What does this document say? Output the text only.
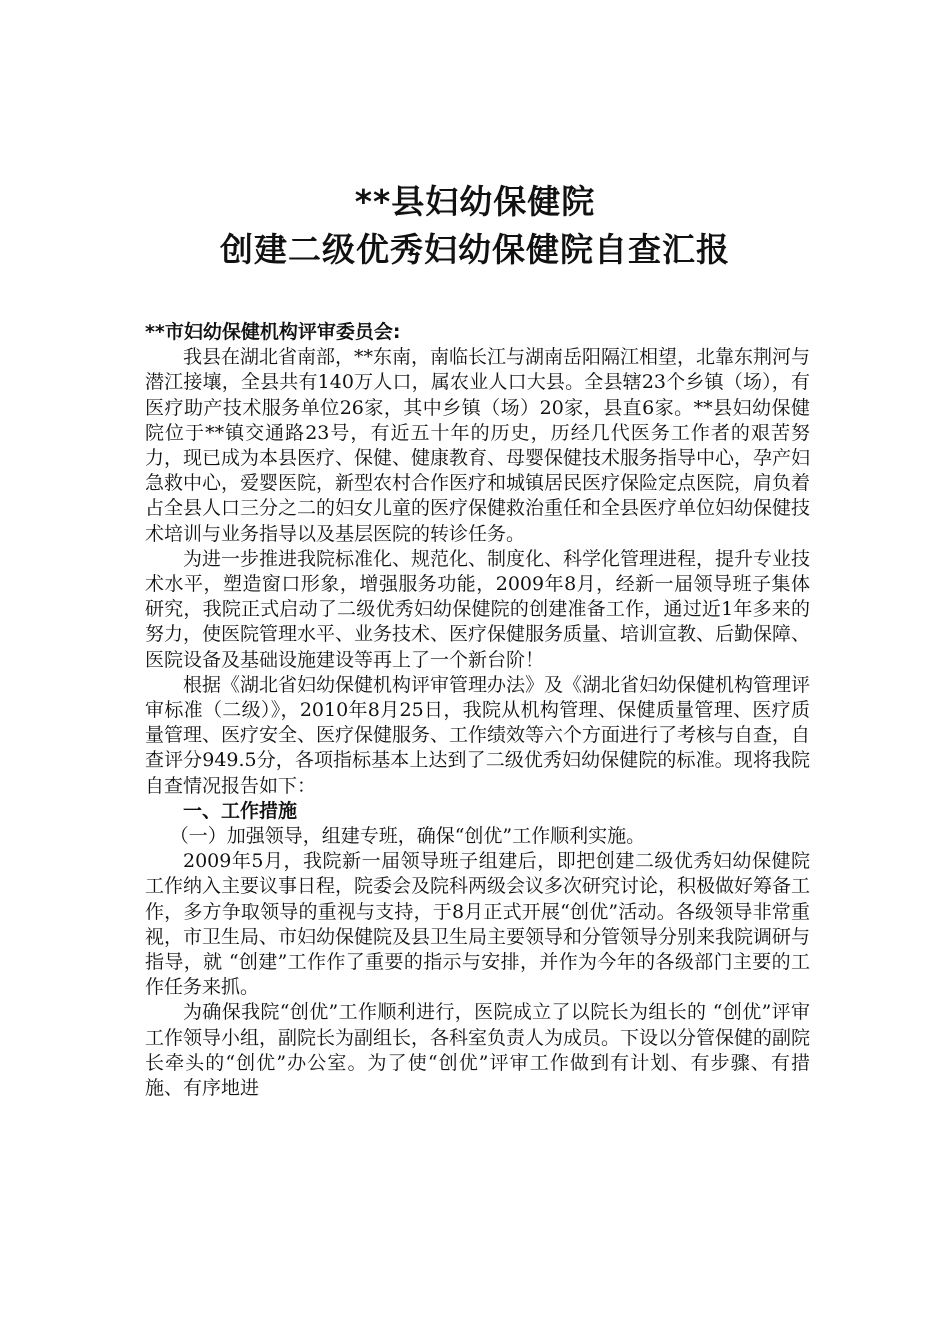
**县妇幼保健院
创建二级优秀妇幼保健院自查汇报

**市妇幼保健机构评审委员会:

我县在湖北省南部，**东南，南临长江与湖南岳阳隔江相望，北靠东荆河与潜江接壤，全县共有140万人口，属农业人口大县。全县辖23个乡镇（场），有医疗助产技术服务单位26家，其中乡镇（场）20家，县直6家。**县妇幼保健院位于**镇交通路23号，有近五十年的历史，历经几代医务工作者的艰苦努力，现已成为本县医疗、保健、健康教育、母婴保健技术服务指导中心，孕产妇急救中心，爱婴医院，新型农村合作医疗和城镇居民医疗保险定点医院，肩负着占全县人口三分之二的妇女儿童的医疗保健救治重任和全县医疗单位妇幼保健技术培训与业务指导以及基层医院的转诊任务。

为进一步推进我院标准化、规范化、制度化、科学化管理进程，提升专业技术水平，塑造窗口形象，增强服务功能，2009年8月，经新一届领导班子集体研究，我院正式启动了二级优秀妇幼保健院的创建准备工作，通过近1年多来的努力，使医院管理水平、业务技术、医疗保健服务质量、培训宣教、后勤保障、医院设备及基础设施建设等再上了一个新台阶！

根据《湖北省妇幼保健机构评审管理办法》及《湖北省妇幼保健机构管理评审标准（二级）》，2010年8月25日，我院从机构管理、保健质量管理、医疗质量管理、医疗安全、医疗保健服务、工作绩效等六个方面进行了考核与自查，自查评分949.5分，各项指标基本上达到了二级优秀妇幼保健院的标准。现将我院自查情况报告如下：

一、工作措施

（一）加强领导，组建专班，确保“创优”工作顺利实施。

2009年5月，我院新一届领导班子组建后，即把创建二级优秀妇幼保健院工作纳入主要议事日程，院委会及院科两级会议多次研究讨论，积极做好筹备工作，多方争取领导的重视与支持，于8月正式开展“创优”活动。各级领导非常重视，市卫生局、市妇幼保健院及县卫生局主要领导和分管领导分别来我院调研与指导，就 “创建”工作作了重要的指示与安排，并作为今年的各级部门主要的工作任务来抓。

为确保我院“创优”工作顺利进行，医院成立了以院长为组长的 “创优”评审工作领导小组，副院长为副组长，各科室负责人为成员。下设以分管保健的副院长牵头的“创优”办公室。为了使“创优”评审工作做到有计划、有步骤、有措施、有序地进
